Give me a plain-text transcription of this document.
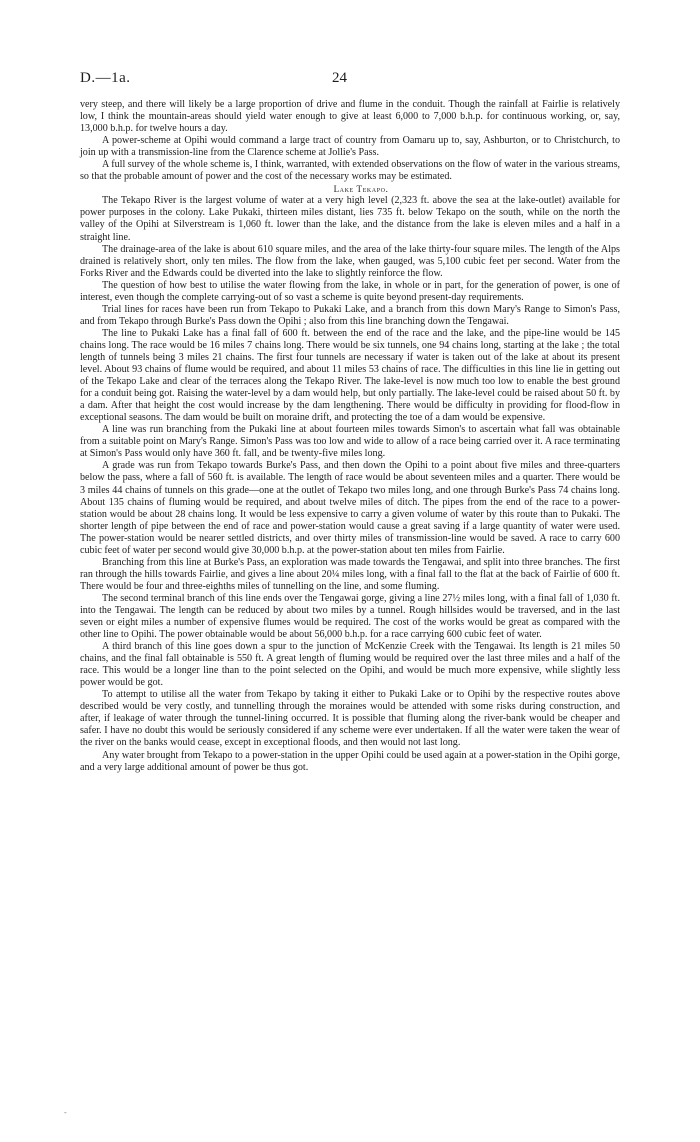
D.—1a.	24

very steep, and there will likely be a large proportion of drive and flume in the conduit. Though the rainfall at Fairlie is relatively low, I think the mountain-areas should yield water enough to give at least 6,000 to 7,000 b.h.p. for continuous working, or, say, 13,000 b.h.p. for twelve hours a day.

A power-scheme at Opihi would command a large tract of country from Oamaru up to, say, Ashburton, or to Christchurch, to join up with a transmission-line from the Clarence scheme at Jollie's Pass.

A full survey of the whole scheme is, I think, warranted, with extended observations on the flow of water in the various streams, so that the probable amount of power and the cost of the necessary works may be estimated.

Lake Tekapo.

The Tekapo River is the largest volume of water at a very high level (2,323 ft. above the sea at the lake-outlet) available for power purposes in the colony. Lake Pukaki, thirteen miles distant, lies 735 ft. below Tekapo on the south, while on the north the valley of the Opihi at Silverstream is 1,060 ft. lower than the lake, and the distance from the lake is eleven miles and a half in a straight line.

The drainage-area of the lake is about 610 square miles, and the area of the lake thirty-four square miles. The length of the Alps drained is relatively short, only ten miles. The flow from the lake, when gauged, was 5,100 cubic feet per second. Water from the Forks River and the Edwards could be diverted into the lake to slightly reinforce the flow.

The question of how best to utilise the water flowing from the lake, in whole or in part, for the generation of power, is one of interest, even though the complete carrying-out of so vast a scheme is quite beyond present-day requirements.

Trial lines for races have been run from Tekapo to Pukaki Lake, and a branch from this down Mary's Range to Simon's Pass, and from Tekapo through Burke's Pass down the Opihi ; also from this line branching down the Tengawai.

The line to Pukaki Lake has a final fall of 600 ft. between the end of the race and the lake, and the pipe-line would be 145 chains long. The race would be 16 miles 7 chains long. There would be six tunnels, one 94 chains long, starting at the lake ; the total length of tunnels being 3 miles 21 chains. The first four tunnels are necessary if water is taken out of the lake at about its present level. About 93 chains of flume would be required, and about 11 miles 53 chains of race. The difficulties in this line lie in getting out of the Tekapo Lake and clear of the terraces along the Tekapo River. The lake-level is now much too low to enable the best ground for a conduit being got. Raising the water-level by a dam would help, but only partially. The lake-level could be raised about 50 ft. by a dam. After that height the cost would increase by the dam lengthening. There would be difficulty in providing for flood-flow in exceptional seasons. The dam would be built on moraine drift, and protecting the toe of a dam would be expensive.

A line was run branching from the Pukaki line at about fourteen miles towards Simon's to ascertain what fall was obtainable from a suitable point on Mary's Range. Simon's Pass was too low and wide to allow of a race being carried over it. A race terminating at Simon's Pass would only have 360 ft. fall, and be twenty-five miles long.

A grade was run from Tekapo towards Burke's Pass, and then down the Opihi to a point about five miles and three-quarters below the pass, where a fall of 560 ft. is available. The length of race would be about seventeen miles and a quarter. There would be 3 miles 44 chains of tunnels on this grade—one at the outlet of Tekapo two miles long, and one through Burke's Pass 74 chains long. About 135 chains of fluming would be required, and about twelve miles of ditch. The pipes from the end of the race to a power- station would be about 28 chains long. It would be less expensive to carry a given volume of water by this route than to Pukaki. The shorter length of pipe between the end of race and power-station would cause a great saving if a large quantity of water were used. The power-station would be nearer settled districts, and over thirty miles of transmission-line would be saved. A race to carry 600 cubic feet of water per second would give 30,000 b.h.p. at the power-station about ten miles from Fairlie.

Branching from this line at Burke's Pass, an exploration was made towards the Tengawai, and split into three branches. The first ran through the hills towards Fairlie, and gives a line about 20¼ miles long, with a final fall to the flat at the back of Fairlie of 600 ft. There would be four and three-eighths miles of tunnelling on the line, and some fluming.

The second terminal branch of this line ends over the Tengawai gorge, giving a line 27½ miles long, with a final fall of 1,030 ft. into the Tengawai. The length can be reduced by about two miles by a tunnel. Rough hillsides would be traversed, and in the last seven or eight miles a number of expensive flumes would be required. The cost of the works would be great as compared with the other line to Opihi. The power obtainable would be about 56,000 b.h.p. for a race carrying 600 cubic feet of water.

A third branch of this line goes down a spur to the junction of McKenzie Creek with the Tengawai. Its length is 21 miles 50 chains, and the final fall obtainable is 550 ft. A great length of fluming would be required over the last three miles and a half of the race. This would be a longer line than to the point selected on the Opihi, and would be much more expensive, while slightly less power would be got.

To attempt to utilise all the water from Tekapo by taking it either to Pukaki Lake or to Opihi by the respective routes above described would be very costly, and tunnelling through the moraines would be attended with some risks during construction, and after, if leakage of water through the tunnel-lining occurred. It is possible that fluming along the river-bank would be cheaper and safer. I have no doubt this would be seriously considered if any scheme were ever undertaken. If all the water were taken the wear of the river on the banks would cease, except in exceptional floods, and then would not last long.

Any water brought from Tekapo to a power-station in the upper Opihi could be used again at a power-station in the Opihi gorge, and a very large additional amount of power be thus got.

-
